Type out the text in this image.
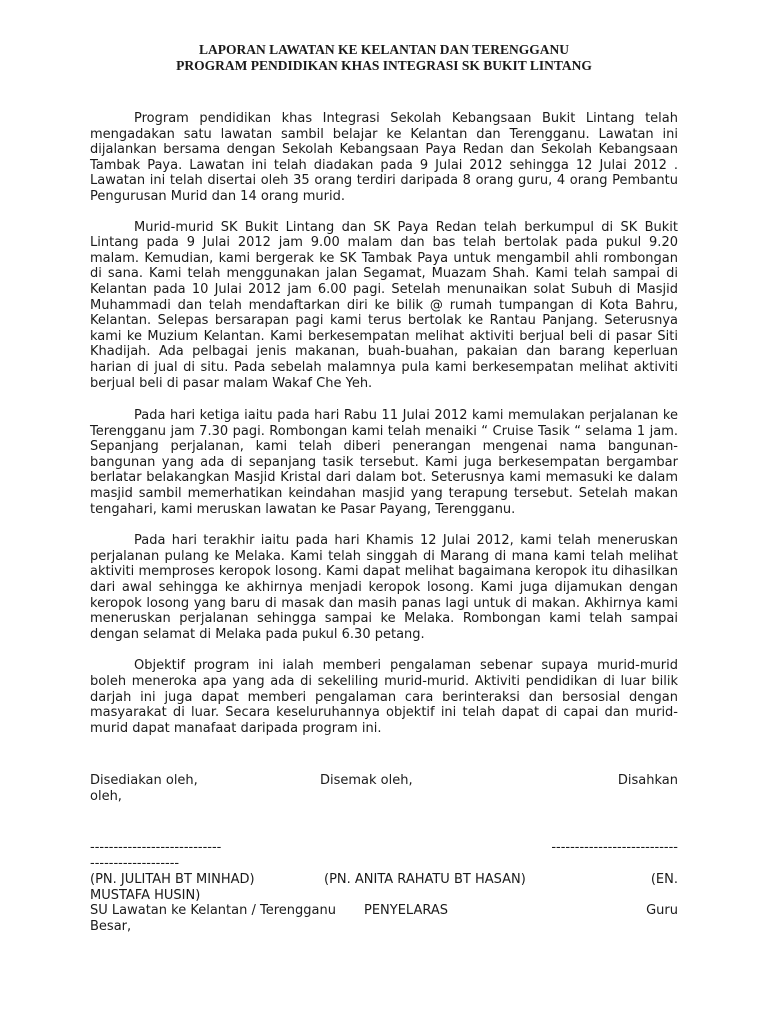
LAPORAN LAWATAN KE KELANTAN DAN TERENGGANU

PROGRAM PENDIDIKAN KHAS INTEGRASI SK BUKIT LINTANG

Program pendidikan khas Integrasi Sekolah Kebangsaan Bukit Lintang telah mengadakan satu lawatan sambil belajar ke Kelantan dan Terengganu. Lawatan ini dijalankan bersama dengan Sekolah Kebangsaan Paya Redan dan Sekolah Kebangsaan Tambak Paya. Lawatan ini telah diadakan pada 9 Julai 2012 sehingga 12 Julai 2012 . Lawatan ini telah disertai oleh 35 orang terdiri daripada 8 orang guru, 4 orang Pembantu Pengurusan Murid dan 14 orang murid.

Murid-murid SK Bukit Lintang dan SK Paya Redan telah berkumpul di SK Bukit Lintang pada 9 Julai 2012 jam 9.00 malam dan bas telah bertolak pada pukul 9.20 malam. Kemudian, kami bergerak ke SK Tambak Paya untuk mengambil ahli rombongan di sana. Kami telah menggunakan jalan Segamat, Muazam Shah. Kami telah sampai di Kelantan pada 10 Julai 2012 jam 6.00 pagi. Setelah menunaikan solat Subuh di Masjid Muhammadi dan telah mendaftarkan diri ke bilik @ rumah tumpangan di Kota Bahru, Kelantan. Selepas bersarapan pagi kami terus bertolak ke Rantau Panjang. Seterusnya kami ke Muzium Kelantan. Kami berkesempatan melihat aktiviti berjual beli di pasar Siti Khadijah. Ada pelbagai jenis makanan, buah-buahan, pakaian dan barang keperluan harian di jual di situ. Pada sebelah malamnya pula kami berkesempatan melihat aktiviti berjual beli di pasar malam Wakaf Che Yeh.

Pada hari ketiga iaitu pada hari Rabu 11 Julai 2012 kami memulakan perjalanan ke Terengganu jam 7.30 pagi. Rombongan kami telah menaiki “ Cruise Tasik “ selama 1 jam. Sepanjang perjalanan, kami telah diberi penerangan mengenai nama bangunan-bangunan yang ada di sepanjang tasik tersebut. Kami juga berkesempatan bergambar berlatar belakangkan Masjid Kristal dari dalam bot. Seterusnya kami memasuki ke dalam masjid sambil memerhatikan keindahan masjid yang terapung tersebut. Setelah makan tengahari, kami meruskan lawatan ke Pasar Payang, Terengganu.

Pada hari terakhir iaitu pada hari Khamis 12 Julai 2012, kami telah meneruskan perjalanan pulang ke Melaka. Kami telah singgah di Marang di mana kami telah melihat aktiviti memproses keropok losong. Kami dapat melihat bagaimana keropok itu dihasilkan dari awal sehingga ke akhirnya menjadi keropok losong. Kami juga dijamukan dengan keropok losong yang baru di masak dan masih panas lagi untuk di makan. Akhirnya kami meneruskan perjalanan sehingga sampai ke Melaka. Rombongan kami telah sampai dengan selamat di Melaka pada pukul 6.30 petang.

Objektif program ini ialah memberi pengalaman sebenar supaya murid-murid boleh meneroka apa yang ada di sekeliling murid-murid. Aktiviti pendidikan di luar bilik darjah ini juga dapat memberi pengalaman cara berinteraksi dan bersosial dengan masyarakat di luar. Secara keseluruhannya objektif ini telah dapat di capai dan murid-murid dapat manafaat daripada program ini.

Disediakan oleh,	Disemak oleh,	Disahkan

oleh,

----------------------------	---------------------------

-------------------

(PN. JULITAH BT MINHAD)	(PN. ANITA RAHATU BT HASAN)	(EN.

MUSTAFA HUSIN)

SU Lawatan ke Kelantan / Terengganu PENYELARAS	Guru

Besar,
